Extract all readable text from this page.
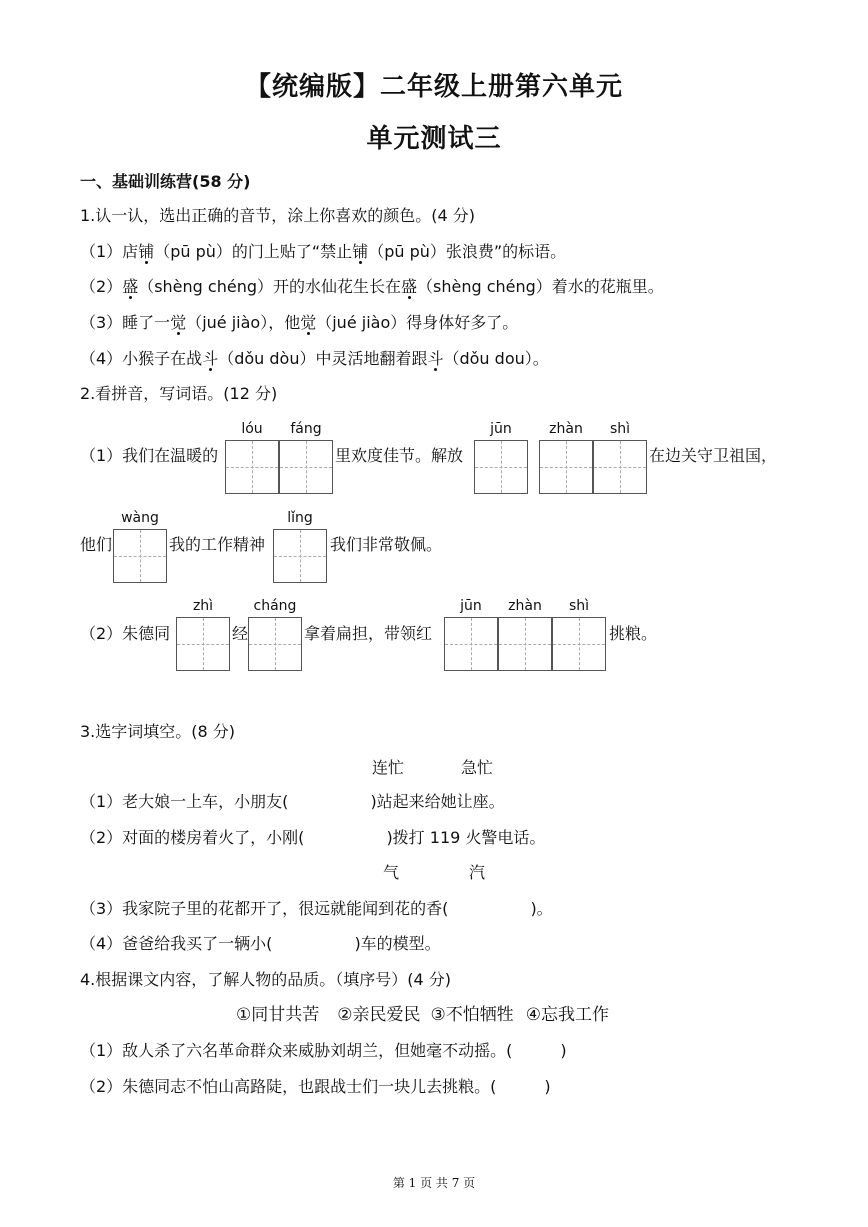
【统编版】二年级上册第六单元
单元测试三
一、基础训练营(58 分)
1.认一认，选出正确的音节，涂上你喜欢的颜色。(4 分)
（1）店铺（pū pù）的门上贴了“禁止铺（pū pù）张浪费”的标语。
（2）盛（shèng chéng）开的水仙花生长在盛（shèng chéng）着水的花瓶里。
（3）睡了一觉（jué jiào），他觉（jué jiào）得身体好多了。
（4）小猴子在战斗（dǒu dòu）中灵活地翻着跟斗（dǒu dou）。
2.看拼音，写词语。(12 分)
lóu	fáng	jūn	zhàn	shì
（1）我们在温暖的	里欢度佳节。解放	在边关守卫祖国，
wàng	lǐng
他们	我的工作精神	我们非常敬佩。
zhì	cháng	jūn	zhàn	shì
（2）朱德同	经	拿着扁担，带领红	挑粮。
3.选字词填空。(8 分)
连忙	急忙
（1）老大娘一上车，小朋友(	)站起来给她让座。
（2）对面的楼房着火了，小刚(	)拨打 119 火警电话。
气	汽
（3）我家院子里的花都开了，很远就能闻到花的香(	)。
（4）爸爸给我买了一辆小(	)车的模型。
4.根据课文内容，了解人物的品质。（填序号）(4 分)
①同甘共苦 ②亲民爱民 ③不怕牺牲 ④忘我工作
（1）敌人杀了六名革命群众来威胁刘胡兰，但她毫不动摇。(　　　)
（2）朱德同志不怕山高路陡，也跟战士们一块儿去挑粮。(　　　)
第 1 页 共 7 页
